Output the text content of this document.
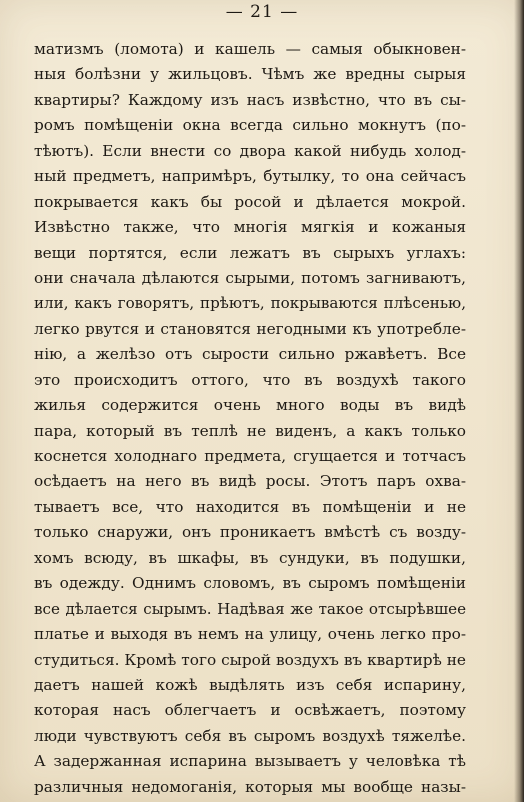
— 21 —
матизмъ (ломота) и кашель — самыя обыкновен-
ныя болѣзни у жильцовъ. Чѣмъ же вредны сырыя
квартиры? Каждому изъ насъ извѣстно, что въ сы-
ромъ помѣщеніи окна всегда сильно мокнутъ (по-
тѣютъ). Если внести со двора какой нибудь холод-
ный предметъ, напримѣръ, бутылку, то она сейчасъ
покрывается какъ бы росой и дѣлается мокрой.
Извѣстно также, что многія мягкія и кожаныя
вещи портятся, если лежатъ въ сырыхъ углахъ:
они сначала дѣлаются сырыми, потомъ загниваютъ,
или, какъ говорятъ, прѣютъ, покрываются плѣсенью,
легко рвутся и становятся негодными къ употребле-
нію, а желѣзо отъ сырости сильно ржавѣетъ. Все
это происходитъ оттого, что въ воздухѣ такого
жилья содержится очень много воды въ видѣ
пара, который въ теплѣ не виденъ, а какъ только
коснется холоднаго предмета, сгущается и тотчасъ
осѣдаетъ на него въ видѣ росы. Этотъ паръ охва-
тываетъ все, что находится въ помѣщеніи и не
только снаружи, онъ проникаетъ вмѣстѣ съ возду-
хомъ всюду, въ шкафы, въ сундуки, въ подушки,
въ одежду. Однимъ словомъ, въ сыромъ помѣщеніи
все дѣлается сырымъ. Надѣвая же такое отсырѣвшее
платье и выходя въ немъ на улицу, очень легко про-
студиться. Кромѣ того сырой воздухъ въ квартирѣ не
даетъ нашей кожѣ выдѣлять изъ себя испарину,
которая насъ облегчаетъ и освѣжаетъ, поэтому
люди чувствуютъ себя въ сыромъ воздухѣ тяжелѣе.
А задержанная испарина вызываетъ у человѣка тѣ
различныя недомоганія, которыя мы вообще назы-
